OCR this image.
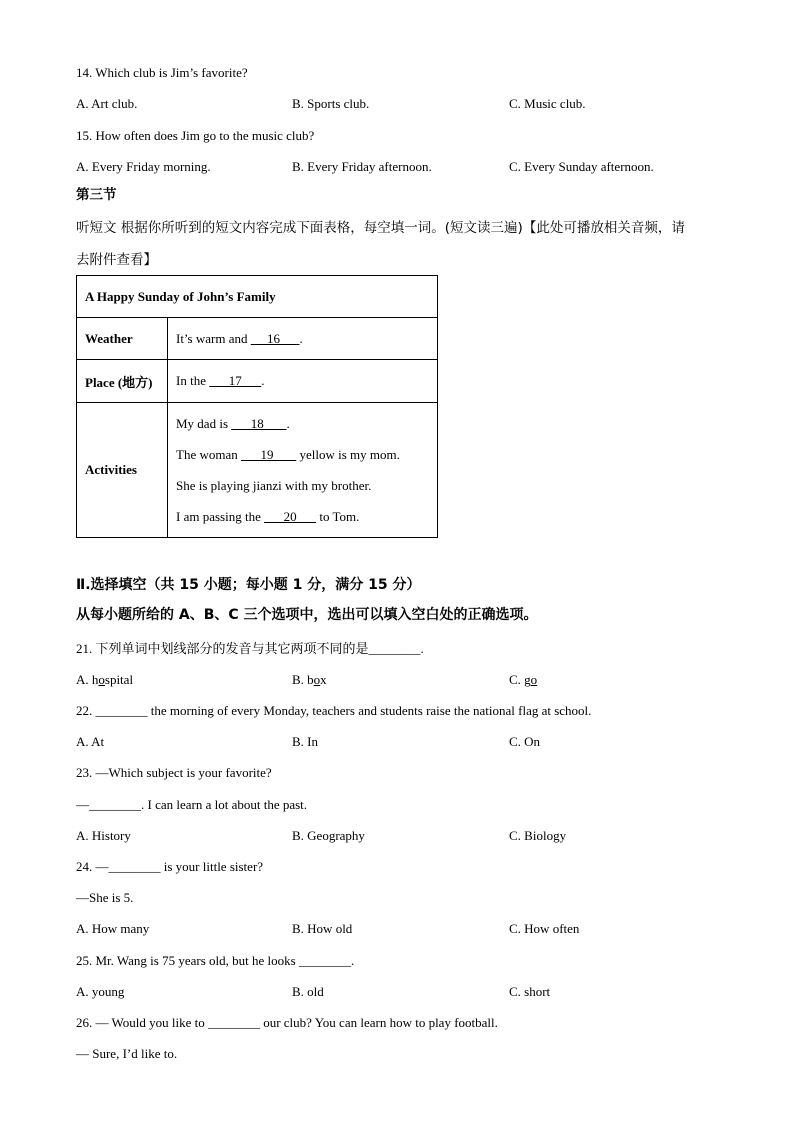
14. Which club is Jim’s favorite?
A. Art club.	B. Sports club.	C. Music club.
15. How often does Jim go to the music club?
A. Every Friday morning.	B. Every Friday afternoon.	C. Every Sunday afternoon.
第三节
听短文 根据你所听到的短文内容完成下面表格，每空填一词。(短文读三遍)【此处可播放相关音频，请
去附件查看】
A Happy Sunday of John’s Family	
Weather	It’s warm and      16      .
Place (地方)	In the       17      .
Activities	My dad is       18       .
The woman       19        yellow is my mom.
She is playing jianzi with my brother.
I am passing the       20       to Tom.
Ⅱ.选择填空（共 15 小题；每小题 1 分，满分 15 分）
从每小题所给的 A、B、C 三个选项中，选出可以填入空白处的正确选项。
21. 下列单词中划线部分的发音与其它两项不同的是________.
A. hospital	B. box	C. go
22. ________ the morning of every Monday, teachers and students raise the national flag at school.
A. At	B. In	C. On
23. —Which subject is your favorite?
—________. I can learn a lot about the past.
A. History	B. Geography	C. Biology
24. —________ is your little sister?
—She is 5.
A. How many	B. How old	C. How often
25. Mr. Wang is 75 years old, but he looks ________.
A. young	B. old	C. short
26. — Would you like to ________ our club? You can learn how to play football.
— Sure, I’d like to.
